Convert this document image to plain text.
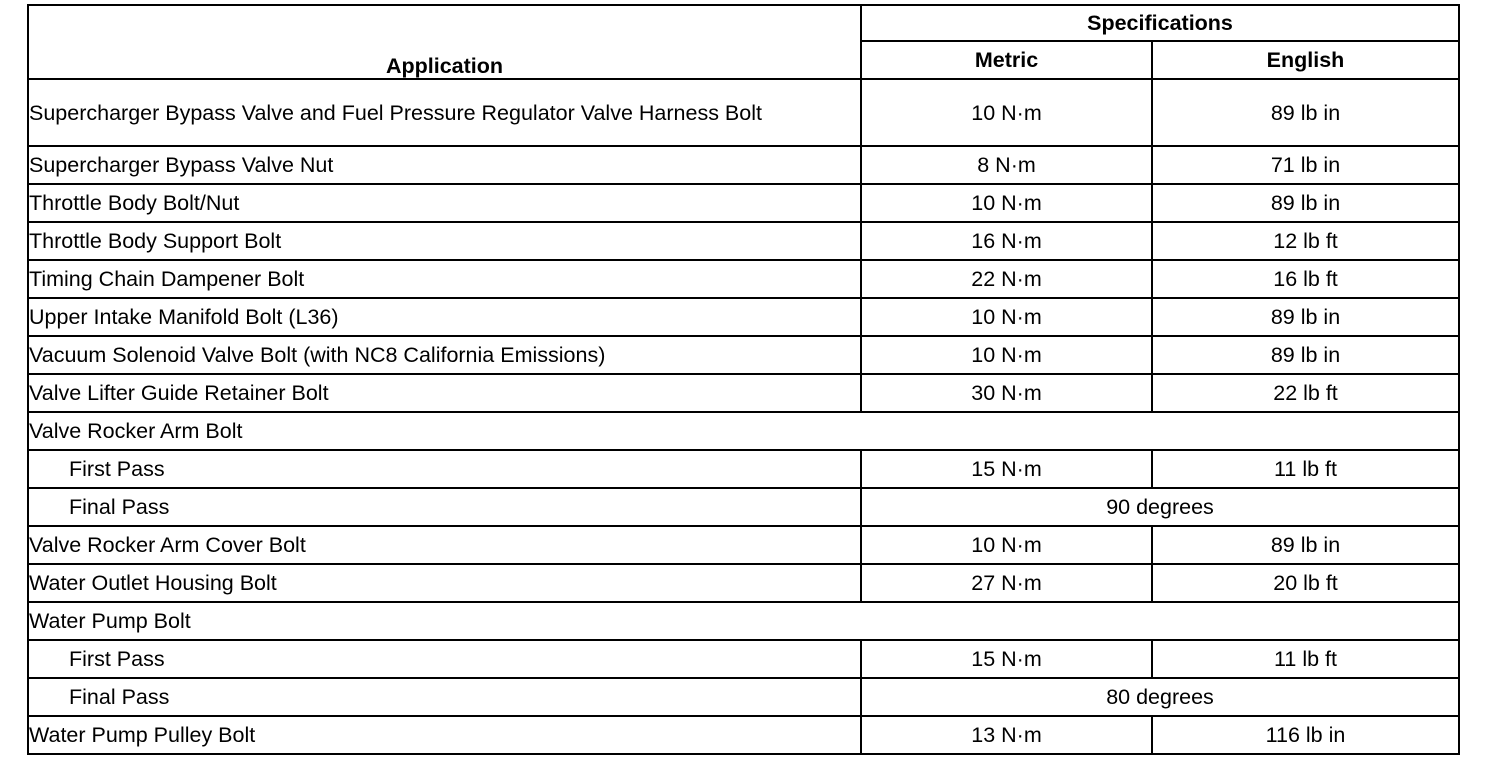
Application	Specifications	
	Metric	English
Supercharger Bypass Valve and Fuel Pressure Regulator Valve Harness Bolt	10 N·m	89 lb in
Supercharger Bypass Valve Nut	8 N·m	71 lb in
Throttle Body Bolt/Nut	10 N·m	89 lb in
Throttle Body Support Bolt	16 N·m	12 lb ft
Timing Chain Dampener Bolt	22 N·m	16 lb ft
Upper Intake Manifold Bolt (L36)	10 N·m	89 lb in
Vacuum Solenoid Valve Bolt (with NC8 California Emissions)	10 N·m	89 lb in
Valve Lifter Guide Retainer Bolt	30 N·m	22 lb ft
Valve Rocker Arm Bolt		
First Pass	15 N·m	11 lb ft
Final Pass	90 degrees	
Valve Rocker Arm Cover Bolt	10 N·m	89 lb in
Water Outlet Housing Bolt	27 N·m	20 lb ft
Water Pump Bolt		
First Pass	15 N·m	11 lb ft
Final Pass	80 degrees	
Water Pump Pulley Bolt	13 N·m	116 lb in
